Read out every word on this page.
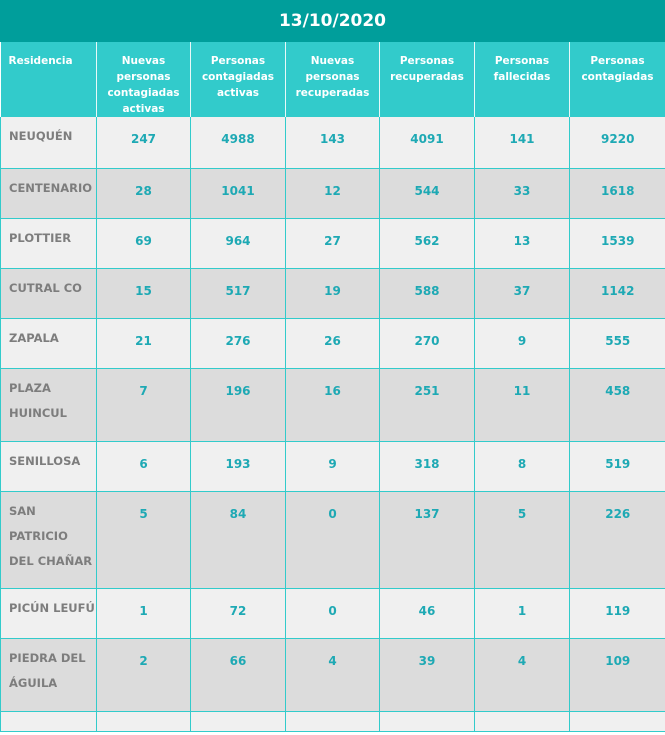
13/10/2020
Residencia	Nuevas personas contagiadas activas	Personas contagiadas activas	Nuevas personas recuperadas	Personas recuperadas	Personas fallecidas	Personas contagiadas
NEUQUÉN	247	4988	143	4091	141	9220
CENTENARIO	28	1041	12	544	33	1618
PLOTTIER	69	964	27	562	13	1539
CUTRAL CO	15	517	19	588	37	1142
ZAPALA	21	276	26	270	9	555
PLAZA HUINCUL	7	196	16	251	11	458
SENILLOSA	6	193	9	318	8	519
SAN PATRICIO DEL CHAÑAR	5	84	0	137	5	226
PICÚN LEUFÚ	1	72	0	46	1	119
PIEDRA DEL ÁGUILA	2	66	4	39	4	109
